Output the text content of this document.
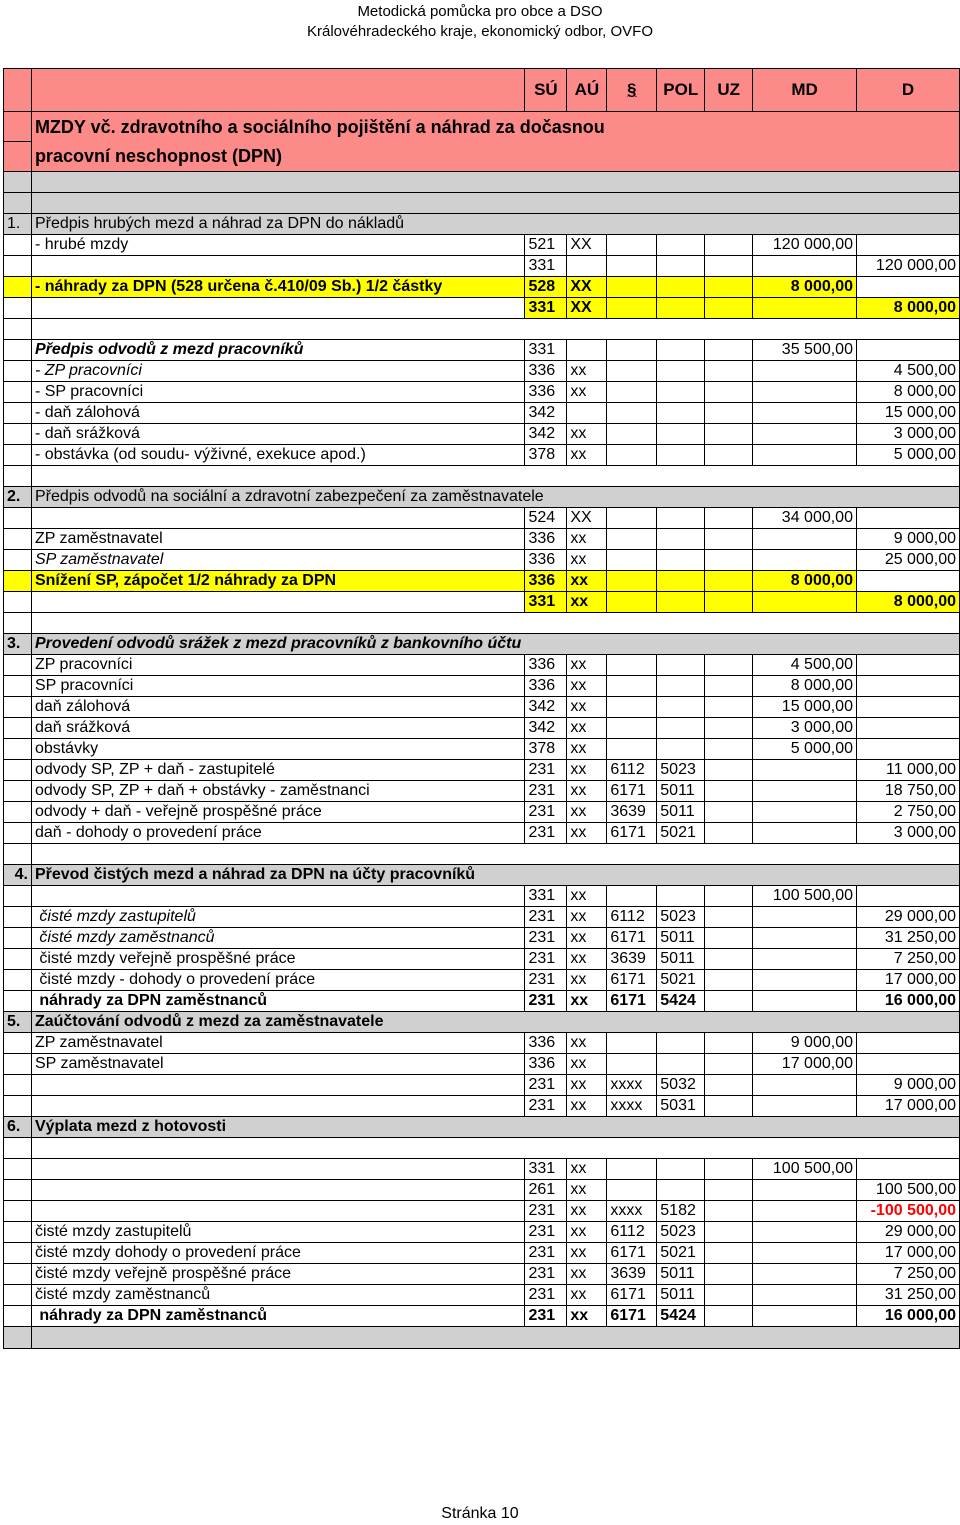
Metodická pomůcka pro obce a DSO
Královéhradeckého kraje, ekonomický odbor, OVFO
		SÚ	AÚ	§	POL	UZ	MD	D
	MZDY vč. zdravotního a sociálního pojištění a náhrad za dočasnou							
	pracovní neschopnost (DPN)							

1.	Předpis hrubých mezd a náhrad za DPN do nákladů							
	- hrubé mzdy	521	XX				120 000,00	
		331						120 000,00
	- náhrady za DPN (528 určena č.410/09 Sb.) 1/2 částky	528	XX				8 000,00	
		331	XX					8 000,00

	Předpis odvodů z mezd pracovníků	331					35 500,00	
	- ZP pracovníci	336	xx					4 500,00
	- SP pracovníci	336	xx					8 000,00
	- daň zálohová	342						15 000,00
	- daň srážková	342	xx					3 000,00
	- obstávka (od soudu- výživné, exekuce apod.)	378	xx					5 000,00

2.	Předpis odvodů na sociální a zdravotní zabezpečení za zaměstnavatele							
		524	XX				34 000,00	
	ZP zaměstnavatel	336	xx					9 000,00
	SP zaměstnavatel	336	xx					25 000,00
	Snížení SP, zápočet 1/2 náhrady za DPN	336	xx				8 000,00	
		331	xx					8 000,00

3.	Provedení odvodů srážek z mezd pracovníků z bankovního účtu							
	ZP pracovníci	336	xx				4 500,00	
	SP pracovníci	336	xx				8 000,00	
	daň zálohová	342	xx				15 000,00	
	daň srážková	342	xx				3 000,00	
	obstávky	378	xx				5 000,00	
	odvody SP, ZP + daň - zastupitelé	231	xx	6112	5023			11 000,00
	odvody SP, ZP + daň + obstávky - zaměstnanci	231	xx	6171	5011			18 750,00
	odvody + daň - veřejně prospěšné práce	231	xx	3639	5011			2 750,00
	daň - dohody o provedení práce	231	xx	6171	5021			3 000,00

4.	Převod čistých mezd a náhrad za DPN na účty pracovníků							
		331	xx				100 500,00	
	čisté mzdy zastupitelů	231	xx	6112	5023			29 000,00
	čisté mzdy zaměstnanců	231	xx	6171	5011			31 250,00
	čisté mzdy veřejně prospěšné práce	231	xx	3639	5011			7 250,00
	čisté mzdy - dohody o provedení práce	231	xx	6171	5021			17 000,00
	náhrady za DPN zaměstnanců	231	xx	6171	5424			16 000,00
5.	Zaúčtování odvodů z mezd za zaměstnavatele							
	ZP zaměstnavatel	336	xx				9 000,00	
	SP zaměstnavatel	336	xx				17 000,00	
		231	xx	xxxx	5032			9 000,00
		231	xx	xxxx	5031			17 000,00
6.	Výplata mezd z hotovosti							

		331	xx				100 500,00	
		261	xx					100 500,00
		231	xx	xxxx	5182			-100 500,00
	čisté mzdy zastupitelů	231	xx	6112	5023			29 000,00
	čisté mzdy dohody o provedení práce	231	xx	6171	5021			17 000,00
	čisté mzdy veřejně prospěšné práce	231	xx	3639	5011			7 250,00
	čisté mzdy zaměstnanců	231	xx	6171	5011			31 250,00
	náhrady za DPN zaměstnanců	231	xx	6171	5424			16 000,00

Stránka 10
